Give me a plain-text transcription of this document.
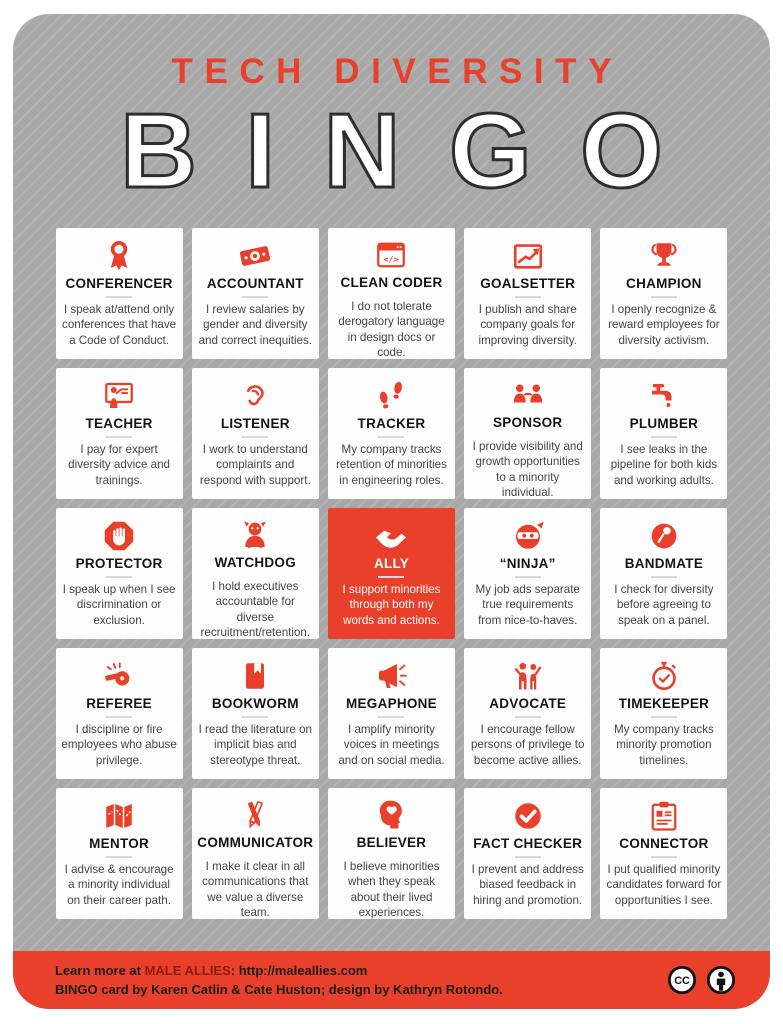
TECH DIVERSITY
BINGO
CONFERENCER
I speak at/attend only conferences that have a Code of Conduct.
ACCOUNTANT
I review salaries by gender and diversity and correct inequities.
CLEAN CODER
I do not tolerate derogatory language in design docs or code.
GOALSETTER
I publish and share company goals for improving diversity.
CHAMPION
I openly recognize & reward employees for diversity activism.
TEACHER
I pay for expert diversity advice and trainings.
LISTENER
I work to understand complaints and respond with support.
TRACKER
My company tracks retention of minorities in engineering roles.
SPONSOR
I provide visibility and growth opportunities to a minority individual.
PLUMBER
I see leaks in the pipeline for both kids and working adults.
PROTECTOR
I speak up when I see discrimination or exclusion.
WATCHDOG
I hold executives accountable for diverse recruitment/retention.
ALLY
I support minorities through both my words and actions.
“NINJA”
My job ads separate true requirements from nice-to-haves.
BANDMATE
I check for diversity before agreeing to speak on a panel.
REFEREE
I discipline or fire employees who abuse privilege.
BOOKWORM
I read the literature on implicit bias and stereotype threat.
MEGAPHONE
I amplify minority voices in meetings and on social media.
ADVOCATE
I encourage fellow persons of privilege to become active allies.
TIMEKEEPER
My company tracks minority promotion timelines.
MENTOR
I advise & encourage a minority individual on their career path.
COMMUNICATOR
I make it clear in all communications that we value a diverse team.
BELIEVER
I believe minorities when they speak about their lived experiences.
FACT CHECKER
I prevent and address biased feedback in hiring and promotion.
CONNECTOR
I put qualified minority candidates forward for opportunities I see.
Learn more at MALE ALLIES: http://maleallies.com
BINGO card by Karen Catlin & Cate Huston; design by Kathryn Rotondo.
CC
